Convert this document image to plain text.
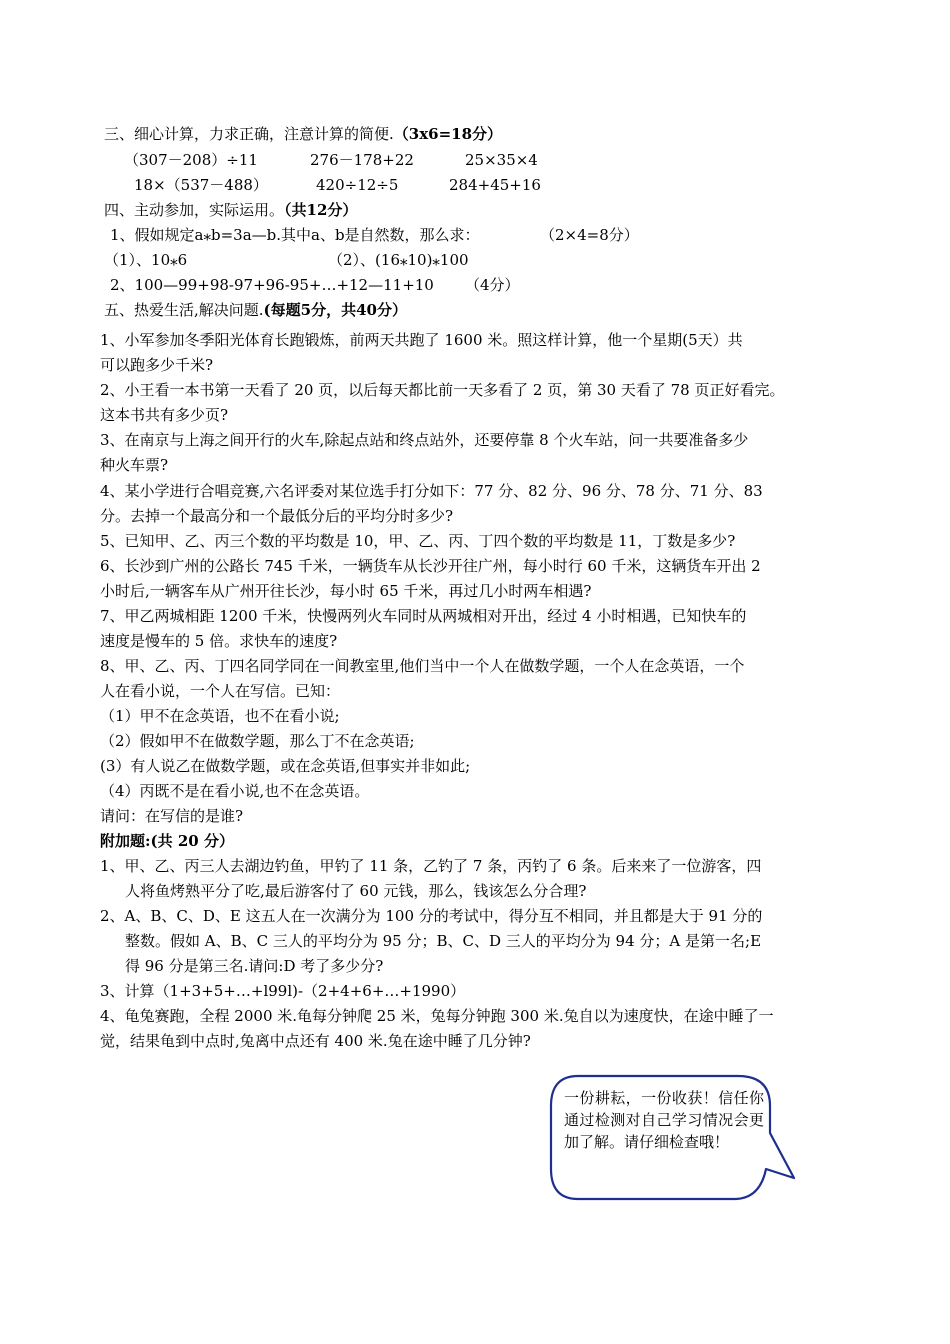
三、细心计算，力求正确，注意计算的简便.（3x6=18分）
（307－208）÷11	276－178+22	25×35×4
18×（537－488）	420÷12÷5	284+45+16
四、主动参加，实际运用。（共12分）
1、假如规定a⁎b=3a—b.其中a、b是自然数，那么求：	（2×4=8分）
（1）、10⁎6	（2）、(16⁎10)⁎100
2、100—99+98-97+96-95+…+12—11+10 （4分）
五、热爱生活,解决问题.(每题5分，共40分）
1、小军参加冬季阳光体育长跑锻炼，前两天共跑了 1600 米。照这样计算，他一个星期(5天）共
可以跑多少千米?
2、小王看一本书第一天看了 20 页，以后每天都比前一天多看了 2 页，第 30 天看了 78 页正好看完。
这本书共有多少页?
3、在南京与上海之间开行的火车,除起点站和终点站外，还要停靠 8 个火车站，问一共要准备多少
种火车票?
4、某小学进行合唱竞赛,六名评委对某位选手打分如下：77 分、82 分、96 分、78 分、71 分、83
分。去掉一个最高分和一个最低分后的平均分时多少?
5、已知甲、乙、丙三个数的平均数是 10，甲、乙、丙、丁四个数的平均数是 11，丁数是多少?
6、长沙到广州的公路长 745 千米，一辆货车从长沙开往广州，每小时行 60 千米，这辆货车开出 2
小时后,一辆客车从广州开往长沙，每小时 65 千米，再过几小时两车相遇?
7、甲乙两城相距 1200 千米，快慢两列火车同时从两城相对开出，经过 4 小时相遇，已知快车的
速度是慢车的 5 倍。求快车的速度?
8、甲、乙、丙、丁四名同学同在一间教室里,他们当中一个人在做数学题，一个人在念英语，一个
人在看小说，一个人在写信。已知：
（1）甲不在念英语，也不在看小说;
（2）假如甲不在做数学题，那么丁不在念英语;
(3）有人说乙在做数学题，或在念英语,但事实并非如此;
（4）丙既不是在看小说,也不在念英语。
请问：在写信的是谁?
附加题:(共 20 分）
1、甲、乙、丙三人去湖边钓鱼，甲钓了 11 条，乙钓了 7 条，丙钓了 6 条。后来来了一位游客，四
人将鱼烤熟平分了吃,最后游客付了 60 元钱，那么，钱该怎么分合理?
2、A、B、C、D、E 这五人在一次满分为 100 分的考试中，得分互不相同，并且都是大于 91 分的
整数。假如 A、B、C 三人的平均分为 95 分；B、C、D 三人的平均分为 94 分；A 是第一名;E
得 96 分是第三名.请问:D 考了多少分?
3、计算（1+3+5+…+l99l)-（2+4+6+…+1990）
4、龟兔赛跑，全程 2000 米.龟每分钟爬 25 米，兔每分钟跑 300 米.兔自以为速度快，在途中睡了一
觉，结果龟到中点时,兔离中点还有 400 米.兔在途中睡了几分钟?
一份耕耘，一份收获！信任你通过检测对自己学习情况会更加了解。请仔细检查哦！
